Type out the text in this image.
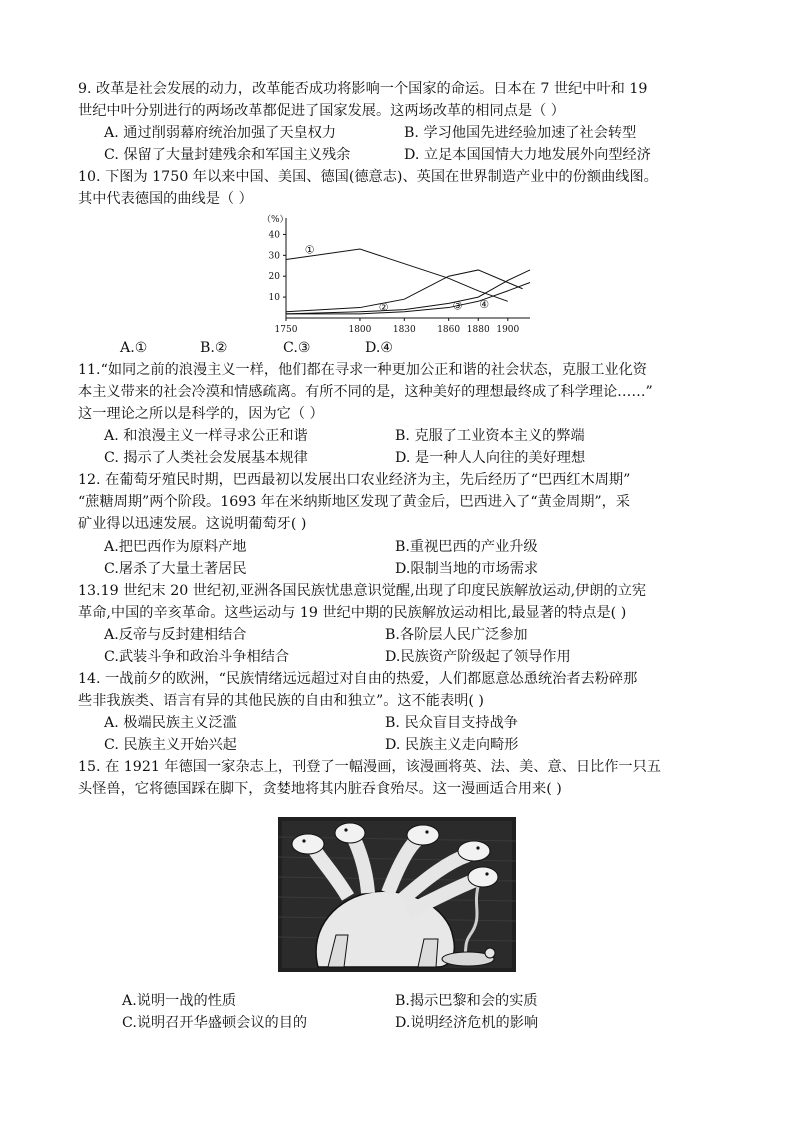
9. 改革是社会发展的动力，改革能否成功将影响一个国家的命运。日本在 7 世纪中叶和 19
世纪中叶分别进行的两场改革都促进了国家发展。这两场改革的相同点是（ ）
A. 通过削弱幕府统治加强了天皇权力	B. 学习他国先进经验加速了社会转型
C. 保留了大量封建残余和军国主义残余	D. 立足本国国情大力地发展外向型经济
10. 下图为 1750 年以来中国、美国、德国(德意志)、英国在世界制造产业中的份额曲线图。
其中代表德国的曲线是（ ）
（%）
10
20
30
40
1750	1800 1830 1860 1880 1900
①
②	③ ④
A.①	B.②	C.③	D.④
11.“如同之前的浪漫主义一样，他们都在寻求一种更加公正和谐的社会状态，克服工业化资
本主义带来的社会冷漠和情感疏离。有所不同的是，这种美好的理想最终成了科学理论……”
这一理论之所以是科学的，因为它（ ）
A. 和浪漫主义一样寻求公正和谐	B. 克服了工业资本主义的弊端
C. 揭示了人类社会发展基本规律	D. 是一种人人向往的美好理想
12. 在葡萄牙殖民时期，巴西最初以发展出口农业经济为主，先后经历了“巴西红木周期”
“蔗糖周期”两个阶段。1693 年在米纳斯地区发现了黄金后，巴西进入了“黄金周期”，采
矿业得以迅速发展。这说明葡萄牙( )
A.把巴西作为原料产地	B.重视巴西的产业升级
C.屠杀了大量土著居民	D.限制当地的市场需求
13.19 世纪末 20 世纪初,亚洲各国民族忧患意识觉醒,出现了印度民族解放运动,伊朗的立宪
革命,中国的辛亥革命。这些运动与 19 世纪中期的民族解放运动相比,最显著的特点是( )
A.反帝与反封建相结合	B.各阶层人民广泛参加
C.武装斗争和政治斗争相结合	D.民族资产阶级起了领导作用
14. 一战前夕的欧洲，“民族情绪远远超过对自由的热爱，人们都愿意怂恿统治者去粉碎那
些非我族类、语言有异的其他民族的自由和独立”。这不能表明( )
A. 极端民族主义泛滥	B. 民众盲目支持战争
C. 民族主义开始兴起	D. 民族主义走向畸形
15. 在 1921 年德国一家杂志上，刊登了一幅漫画，该漫画将英、法、美、意、日比作一只五
头怪兽，它将德国踩在脚下，贪婪地将其内脏吞食殆尽。这一漫画适合用来( )
A.说明一战的性质	B.揭示巴黎和会的实质
C.说明召开华盛顿会议的目的	D.说明经济危机的影响
